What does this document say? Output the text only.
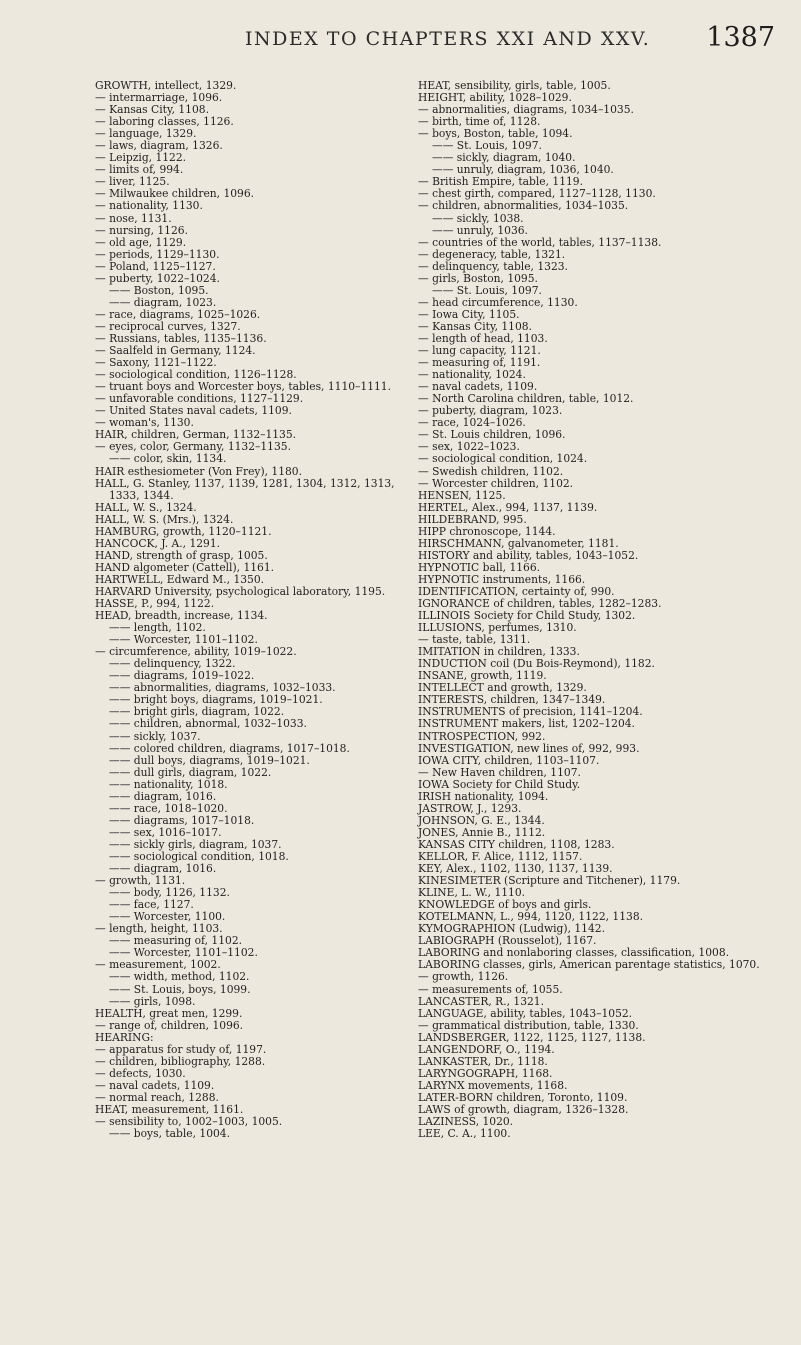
INDEX TO CHAPTERS XXI AND XXV. 1387
GROWTH, intellect, 1329.
— intermarriage, 1096.
— Kansas City, 1108.
— laboring classes, 1126.
— language, 1329.
— laws, diagram, 1326.
— Leipzig, 1122.
— limits of, 994.
— liver, 1125.
— Milwaukee children, 1096.
— nationality, 1130.
— nose, 1131.
— nursing, 1126.
— old age, 1129.
— periods, 1129–1130.
— Poland, 1125–1127.
— puberty, 1022–1024.
—— Boston, 1095.
—— diagram, 1023.
— race, diagrams, 1025–1026.
— reciprocal curves, 1327.
— Russians, tables, 1135–1136.
— Saalfeld in Germany, 1124.
— Saxony, 1121–1122.
— sociological condition, 1126–1128.
— truant boys and Worcester boys, tables, 1110–1111.
— unfavorable conditions, 1127–1129.
— United States naval cadets, 1109.
— woman's, 1130.
HAIR, children, German, 1132–1135.
— eyes, color, Germany, 1132–1135.
—— color, skin, 1134.
HAIR esthesiometer (Von Frey), 1180.
HALL, G. Stanley, 1137, 1139, 1281, 1304, 1312, 1313, 1333, 1344.
HALL, W. S., 1324.
HALL, W. S. (Mrs.), 1324.
HAMBURG, growth, 1120–1121.
HANCOCK, J. A., 1291.
HAND, strength of grasp, 1005.
HAND algometer (Cattell), 1161.
HARTWELL, Edward M., 1350.
HARVARD University, psychological laboratory, 1195.
HASSE, P., 994, 1122.
HEAD, breadth, increase, 1134.
—— length, 1102.
—— Worcester, 1101–1102.
— circumference, ability, 1019–1022.
—— delinquency, 1322.
—— diagrams, 1019–1022.
—— abnormalities, diagrams, 1032–1033.
—— bright boys, diagrams, 1019–1021.
—— bright girls, diagram, 1022.
—— children, abnormal, 1032–1033.
—— sickly, 1037.
—— colored children, diagrams, 1017–1018.
—— dull boys, diagrams, 1019–1021.
—— dull girls, diagram, 1022.
—— nationality, 1018.
—— diagram, 1016.
—— race, 1018–1020.
—— diagrams, 1017–1018.
—— sex, 1016–1017.
—— sickly girls, diagram, 1037.
—— sociological condition, 1018.
—— diagram, 1016.
— growth, 1131.
—— body, 1126, 1132.
—— face, 1127.
—— Worcester, 1100.
— length, height, 1103.
—— measuring of, 1102.
—— Worcester, 1101–1102.
— measurement, 1002.
—— width, method, 1102.
—— St. Louis, boys, 1099.
—— girls, 1098.
HEALTH, great men, 1299.
— range of, children, 1096.
HEARING:
— apparatus for study of, 1197.
— children, bibliography, 1288.
— defects, 1030.
— naval cadets, 1109.
— normal reach, 1288.
HEAT, measurement, 1161.
— sensibility to, 1002–1003, 1005.
—— boys, table, 1004.
HEAT, sensibility, girls, table, 1005.
HEIGHT, ability, 1028–1029.
— abnormalities, diagrams, 1034–1035.
— birth, time of, 1128.
— boys, Boston, table, 1094.
—— St. Louis, 1097.
—— sickly, diagram, 1040.
—— unruly, diagram, 1036, 1040.
— British Empire, table, 1119.
— chest girth, compared, 1127–1128, 1130.
— children, abnormalities, 1034–1035.
—— sickly, 1038.
—— unruly, 1036.
— countries of the world, tables, 1137–1138.
— degeneracy, table, 1321.
— delinquency, table, 1323.
— girls, Boston, 1095.
—— St. Louis, 1097.
— head circumference, 1130.
— Iowa City, 1105.
— Kansas City, 1108.
— length of head, 1103.
— lung capacity, 1121.
— measuring of, 1191.
— nationality, 1024.
— naval cadets, 1109.
— North Carolina children, table, 1012.
— puberty, diagram, 1023.
— race, 1024–1026.
— St. Louis children, 1096.
— sex, 1022–1023.
— sociological condition, 1024.
— Swedish children, 1102.
— Worcester children, 1102.
HENSEN, 1125.
HERTEL, Alex., 994, 1137, 1139.
HILDEBRAND, 995.
HIPP chronoscope, 1144.
HIRSCHMANN, galvanometer, 1181.
HISTORY and ability, tables, 1043–1052.
HYPNOTIC ball, 1166.
HYPNOTIC instruments, 1166.
IDENTIFICATION, certainty of, 990.
IGNORANCE of children, tables, 1282–1283.
ILLINOIS Society for Child Study, 1302.
ILLUSIONS, perfumes, 1310.
— taste, table, 1311.
IMITATION in children, 1333.
INDUCTION coil (Du Bois-Reymond), 1182.
INSANE, growth, 1119.
INTELLECT and growth, 1329.
INTERESTS, children, 1347–1349.
INSTRUMENTS of precision, 1141–1204.
INSTRUMENT makers, list, 1202–1204.
INTROSPECTION, 992.
INVESTIGATION, new lines of, 992, 993.
IOWA CITY, children, 1103–1107.
— New Haven children, 1107.
IOWA Society for Child Study.
IRISH nationality, 1094.
JASTROW, J., 1293.
JOHNSON, G. E., 1344.
JONES, Annie B., 1112.
KANSAS CITY children, 1108, 1283.
KELLOR, F. Alice, 1112, 1157.
KEY, Alex., 1102, 1130, 1137, 1139.
KINESIMETER (Scripture and Titchener), 1179.
KLINE, L. W., 1110.
KNOWLEDGE of boys and girls.
KOTELMANN, L., 994, 1120, 1122, 1138.
KYMOGRAPHION (Ludwig), 1142.
LABIOGRAPH (Rousselot), 1167.
LABORING and nonlaboring classes, classification, 1008.
LABORING classes, girls, American parentage statistics, 1070.
— growth, 1126.
— measurements of, 1055.
LANCASTER, R., 1321.
LANGUAGE, ability, tables, 1043–1052.
— grammatical distribution, table, 1330.
LANDSBERGER, 1122, 1125, 1127, 1138.
LANGENDORF, O., 1194.
LANKASTER, Dr., 1118.
LARYNGOGRAPH, 1168.
LARYNX movements, 1168.
LATER-BORN children, Toronto, 1109.
LAWS of growth, diagram, 1326–1328.
LAZINESS, 1020.
LEE, C. A., 1100.
